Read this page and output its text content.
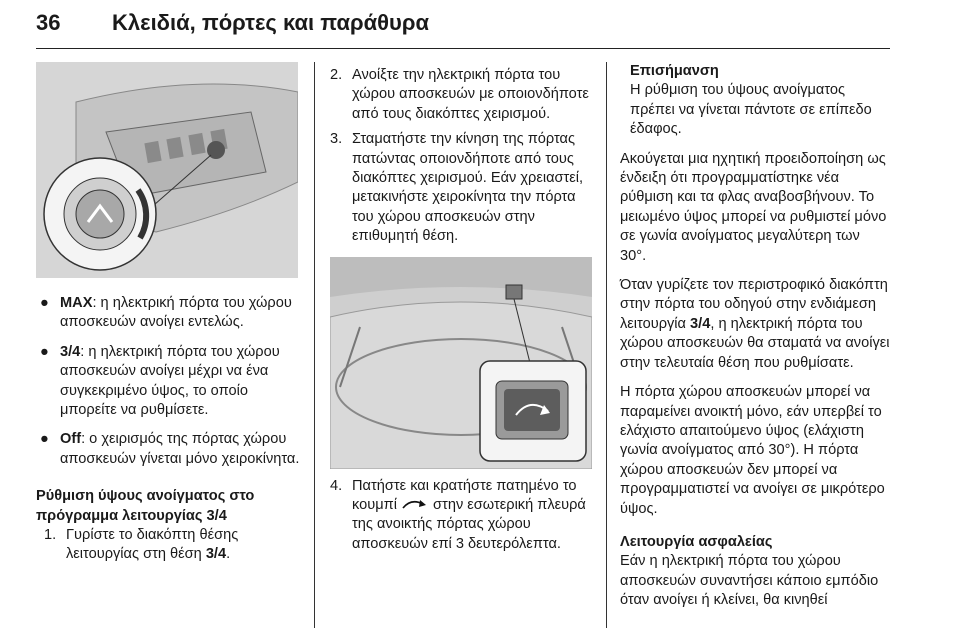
36 Κλειδιά, πόρτες και παράθυρα
● MAX: η ηλεκτρική πόρτα του χώρου αποσκευών ανοίγει εντελώς.
● 3/4: η ηλεκτρική πόρτα του χώρου αποσκευών ανοίγει μέχρι να ένα συγκεκριμένο ύψος, το οποίο μπορείτε να ρυθμίσετε.
● Off: ο χειρισμός της πόρτας χώρου αποσκευών γίνεται μόνο χειροκίνητα.
Ρύθμιση ύψους ανοίγματος στο πρόγραμμα λειτουργίας 3/4
1. Γυρίστε το διακόπτη θέσης λειτουργίας στη θέση 3/4.
2. Ανοίξτε την ηλεκτρική πόρτα του χώρου αποσκευών με οποιονδήποτε από τους διακόπτες χειρισμού.
3. Σταματήστε την κίνηση της πόρτας πατώντας οποιονδήποτε από τους διακόπτες χειρισμού. Εάν χρειαστεί, μετακινήστε χειροκίνητα την πόρτα του χώρου αποσκευών στην επιθυμητή θέση.
4. Πατήστε και κρατήστε πατημένο το κουμπί  στην εσωτερική πλευρά της ανοικτής πόρτας χώρου αποσκευών επί 3 δευτερόλεπτα.

Επισήμανση

Η ρύθμιση του ύψους ανοίγματος πρέπει να γίνεται πάντοτε σε επίπεδο έδαφος.

Ακούγεται μια ηχητική προειδοποίηση ως ένδειξη ότι προγραμματίστηκε νέα ρύθμιση και τα φλας αναβοσβήνουν. Το μειωμένο ύψος μπορεί να ρυθμιστεί μόνο σε γωνία ανοίγματος μεγαλύτερη των 30°.

Όταν γυρίζετε τον περιστροφικό διακόπτη στην πόρτα του οδηγού στην ενδιάμεση λειτουργία 3/4, η ηλεκτρική πόρτα του χώρου αποσκευών θα σταματά να ανοίγει στην τελευταία θέση που ρυθμίσατε.

Η πόρτα χώρου αποσκευών μπορεί να παραμείνει ανοικτή μόνο, εάν υπερβεί το ελάχιστο απαιτούμενο ύψος (ελάχιστη γωνία ανοίγματος από 30°). Η πόρτα χώρου αποσκευών δεν μπορεί να προγραμματιστεί να ανοίγει σε μικρότερο ύψος.

Λειτουργία ασφαλείας

Εάν η ηλεκτρική πόρτα του χώρου αποσκευών συναντήσει κάποιο εμπόδιο όταν ανοίγει ή κλείνει, θα κινηθεί
